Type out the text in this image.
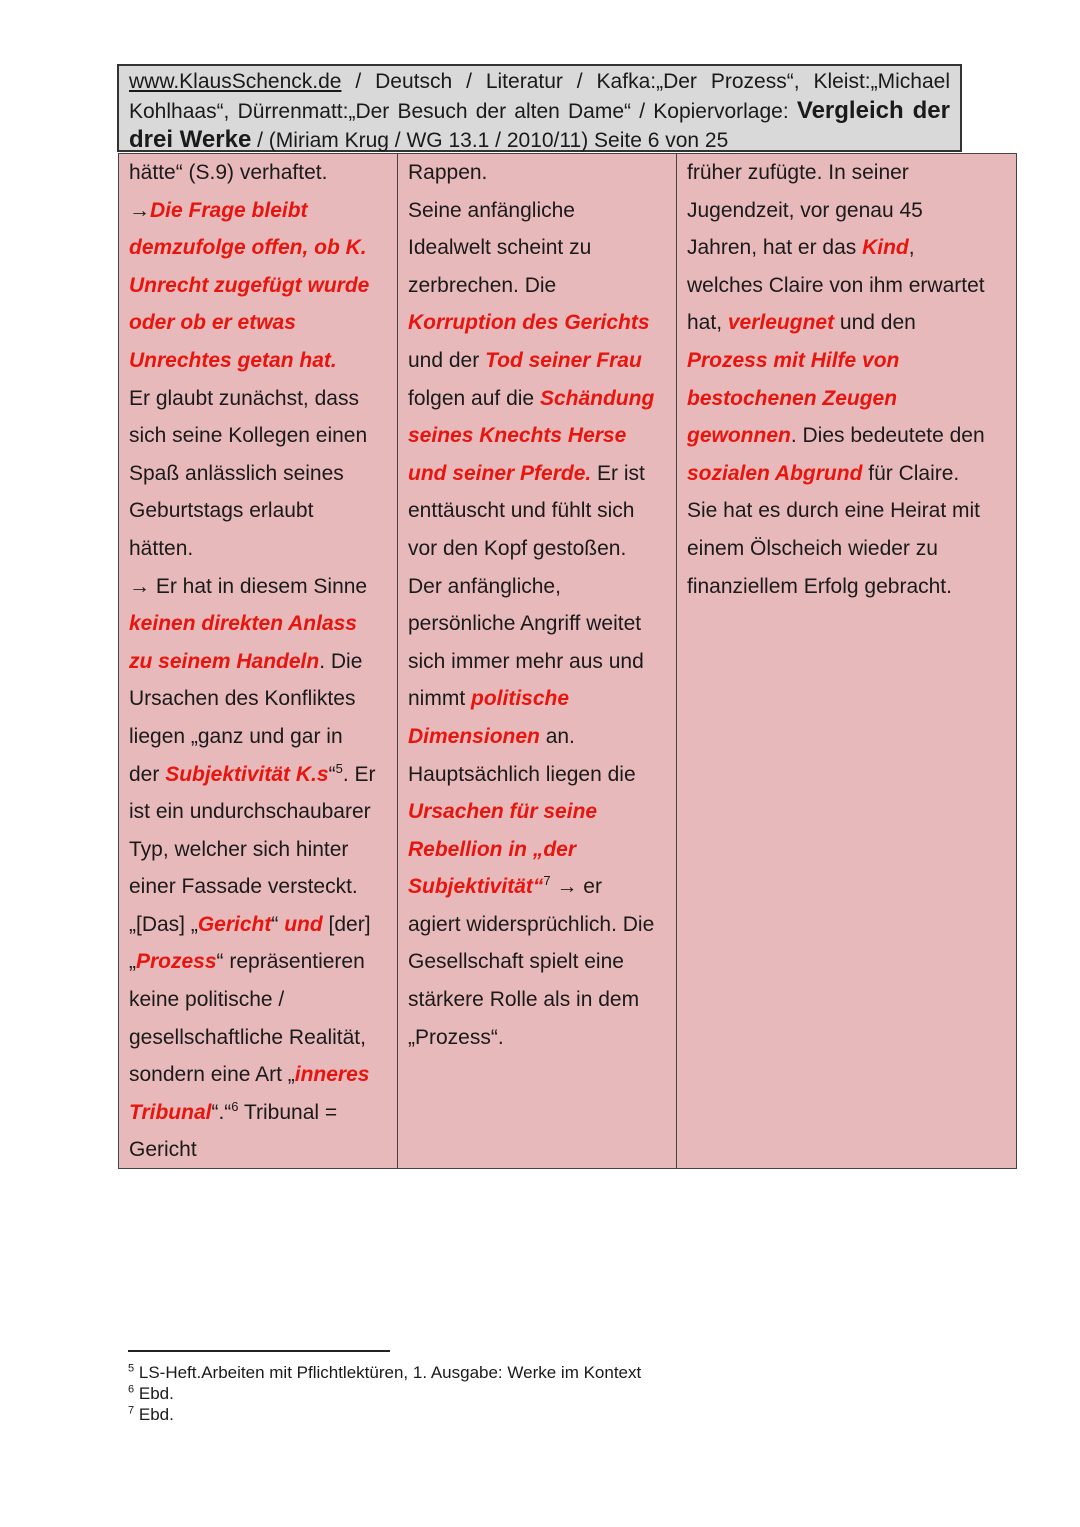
www.KlausSchenck.de / Deutsch / Literatur / Kafka:„Der Prozess“, Kleist:„Michael Kohlhaas“, Dürrenmatt:„Der Besuch der alten Dame“ / Kopiervorlage: Vergleich der drei Werke / (Miriam Krug / WG 13.1 / 2010/11) Seite 6 von 25
hätte“ (S.9) verhaftet.
→Die Frage bleibt
demzufolge offen, ob K.
Unrecht zugefügt wurde
oder ob er etwas
Unrechtes getan hat.
Er glaubt zunächst, dass
sich seine Kollegen einen
Spaß anlässlich seines
Geburtstags erlaubt
hätten.
→ Er hat in diesem Sinne
keinen direkten Anlass
zu seinem Handeln. Die
Ursachen des Konfliktes
liegen „ganz und gar in
der Subjektivität K.s“$^5$. Er
ist ein undurchschaubarer
Typ, welcher sich hinter
einer Fassade versteckt.
„[Das] „Gericht“ und [der]
„Prozess“ repräsentieren
keine politische /
gesellschaftliche Realität,
sondern eine Art „inneres
Tribunal“.“$^6$ Tribunal =
Gericht
Rappen.
Seine anfängliche
Idealwelt scheint zu
zerbrechen. Die
Korruption des Gerichts
und der Tod seiner Frau
folgen auf die Schändung
seines Knechts Herse
und seiner Pferde. Er ist
enttäuscht und fühlt sich
vor den Kopf gestoßen.
Der anfängliche,
persönliche Angriff weitet
sich immer mehr aus und
nimmt politische
Dimensionen an.
Hauptsächlich liegen die
Ursachen für seine
Rebellion in „der
Subjektivität“$^7$ → er
agiert widersprüchlich. Die
Gesellschaft spielt eine
stärkere Rolle als in dem
„Prozess“.
früher zufügte. In seiner
Jugendzeit, vor genau 45
Jahren, hat er das Kind,
welches Claire von ihm erwartet
hat, verleugnet und den
Prozess mit Hilfe von
bestochenen Zeugen
gewonnen. Dies bedeutete den
sozialen Abgrund für Claire.
Sie hat es durch eine Heirat mit
einem Ölscheich wieder zu
finanziellem Erfolg gebracht.
$^5$ LS-Heft.Arbeiten mit Pflichtlektüren, 1. Ausgabe: Werke im Kontext
$^6$ Ebd.
$^7$ Ebd.
